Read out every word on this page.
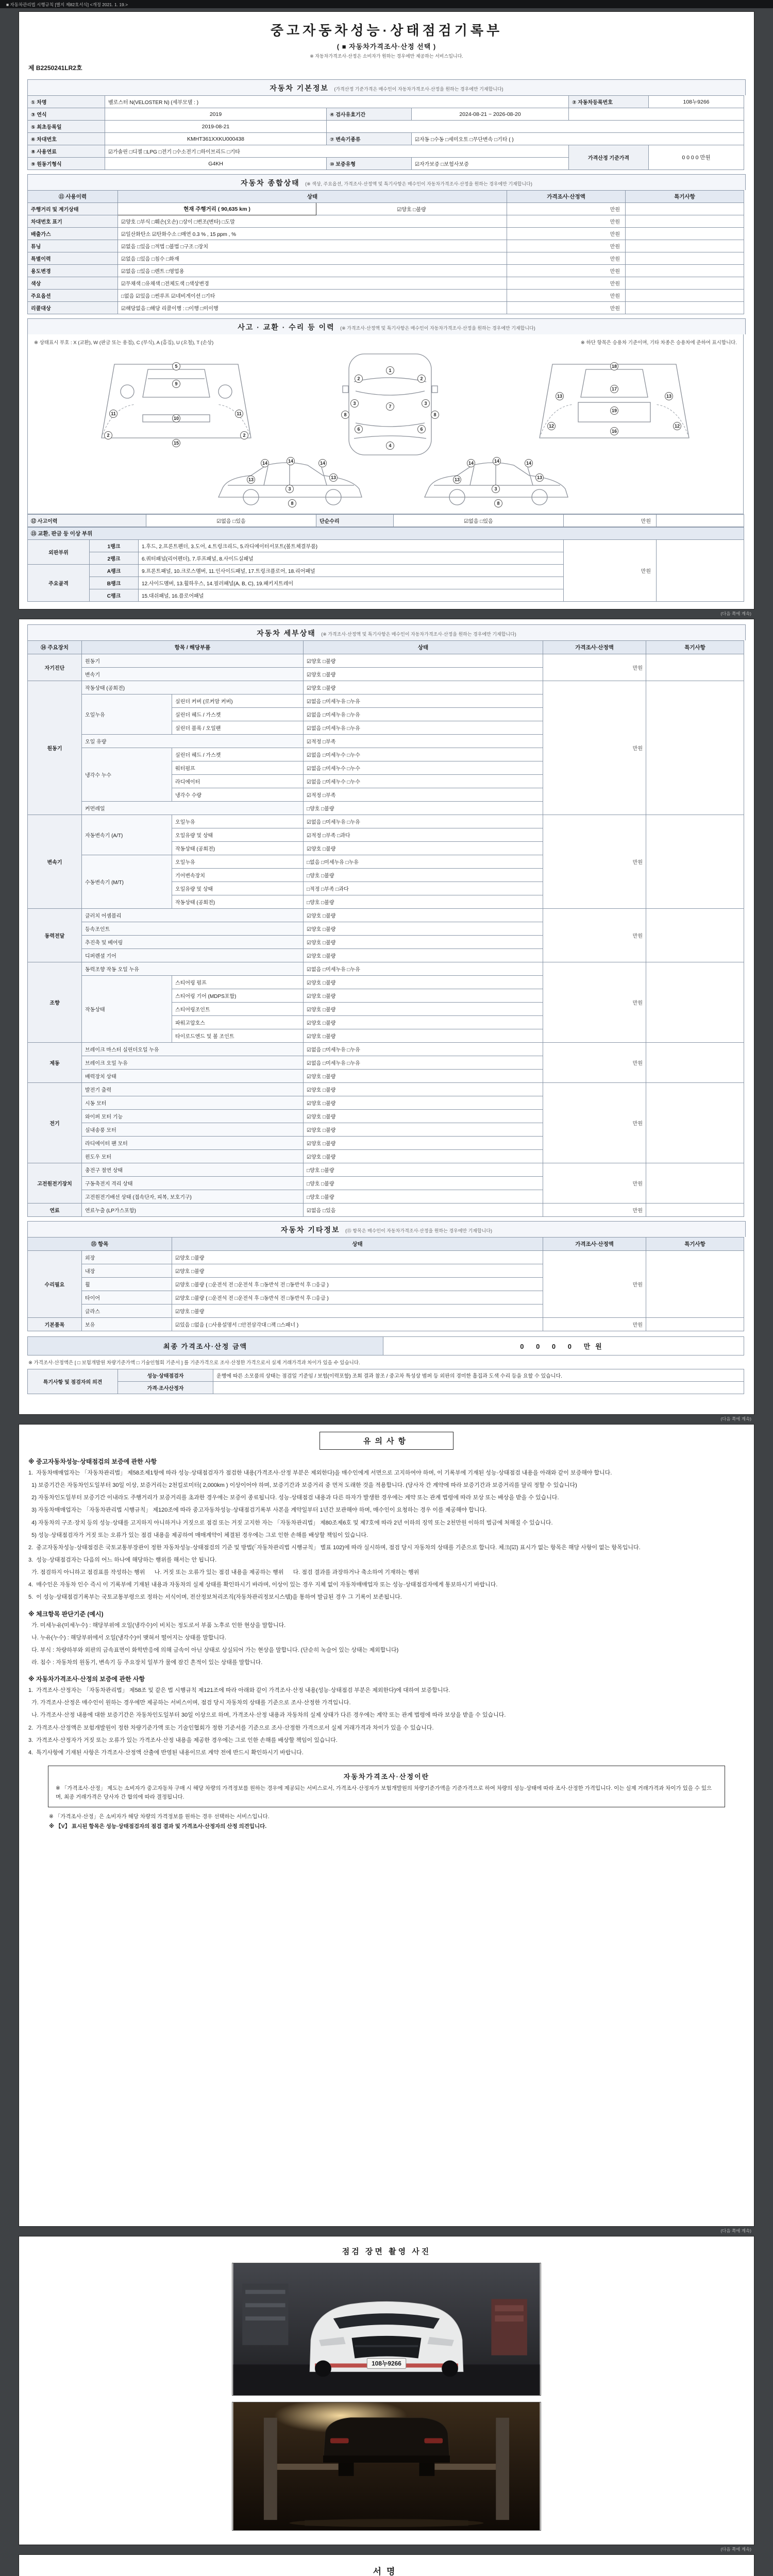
■ 자동차관리법 시행규칙 [별지 제82호서식] <개정 2021. 1. 19.>
중고자동차성능·상태점검기록부
( ■ 자동차가격조사·산정 선택 )
※ 자동차가격조사·산정은 소비자가 원하는 경우에만 제공하는 서비스입니다.
제 B2250241LR2호
자동차 기본정보 (가격산정 기준가격은 매수인이 자동차가격조사·산정을 원하는 경우에만 기재합니다)
① 차명	벨로스터 N(VELOSTER N) (세부모델 : )			② 자동차등록번호	108누9266
③ 연식	2019	④ 검사유효기간	2024-08-21 ~ 2026-08-20		
⑤ 최초등록일	2019-08-21				
⑥ 차대번호	KMHT361XXKU000438	⑦ 변속기종류	☑자동 □수동 □세미오토 □무단변속 □기타 ( )		
⑧ 사용연료	☑가솔린 □디젤 □LPG □전기 □수소전기 □하이브리드 □기타			가격산정 기준가격	0 0 0 0 만원
⑨ 원동기형식	G4KH	⑩ 보증유형	☑자가보증 □보험사보증		
자동차 종합상태 (※ 색상, 주요옵션, 가격조사·산정액 및 특기사항은 매수인이 자동차가격조사·산정을 원하는 경우에만 기재합니다)
⑪ 사용이력	상태		가격조사·산정액	특기사항
주행거리 및 계기상태	현재 주행거리 ( 90,635 km )	☑양호 □불량	만원	
차대번호 표기	☑양호 □부식 □훼손(오손) □상이 □변조(변타) □도말		만원	
배출가스	☑일산화탄소 ☑탄화수소 □매연 0.3 % , 15 ppm , %		만원	
튜닝	☑없음 □있음 □적법 □불법 □구조 □장치		만원	
특별이력	☑없음 □있음 □침수 □화재		만원	
용도변경	☑없음 □있음 □렌트 □영업용		만원	
색상	☑무채색 □유채색 □전체도색 □색상변경		만원	
주요옵션	□없음 ☑있음 □썬루프 ☑네비게이션 □기타		만원	
리콜대상	☑해당없음 □해당 리콜이행 : □이행 □미이행		만원	
사고 · 교환 · 수리 등 이력 (※ 가격조사·산정액 및 특기사항은 매수인이 자동차가격조사·산정을 원하는 경우에만 기재합니다)
※ 상태표시 부호 : X (교환), W (판금 또는 용접), C (부식), A (흠집), U (요철), T (손상)	※ 하단 항목은 승용차 기준이며, 기타 차종은 승용차에 준하여 표시합니다.
5
9
11	11
10
2	2
15
1
2	2
3	3
7
6	6
4
8	8
18
17
19
13	13
12	12
16
14	14	14
3
8
13	13
14	14	14
3
8
13	13
⑫ 사고이력	☑없음 □있음	단순수리	☑없음 □있음	만원	
⑬ 교환, 판금 등 이상 부위				
외판부위	1랭크	1.후드, 2.프론트펜더, 3.도어, 4.트렁크리드, 5.라디에이터서포트(볼트체결부품)	만원	
	2랭크	6.쿼터패널(리어펜더), 7.루프패널, 8.사이드실패널		
주요골격	A랭크	9.프론트패널, 10.크로스멤버, 11.인사이드패널, 17.트렁크플로어, 18.리어패널		
	B랭크	12.사이드멤버, 13.휠하우스, 14.필러패널(A, B, C), 19.패키지트레이		
	C랭크	15.대쉬패널, 16.플로어패널		
(다음 쪽에 계속)
자동차 세부상태 (※ 가격조사·산정액 및 특기사항은 매수인이 자동차가격조사·산정을 원하는 경우에만 기재합니다)
⑭ 주요장치	항목 / 해당부품		상태	가격조사·산정액	특기사항
자기진단	원동기		☑양호 □불량	만원	
	변속기		☑양호 □불량		
원동기	작동상태 (공회전)		☑양호 □불량	만원	
	오일누유	실린더 커버 (로커암 커버)	☑없음 □미세누유 □누유		
		실린더 헤드 / 가스켓	☑없음 □미세누유 □누유		
		실린더 블록 / 오일팬	☑없음 □미세누유 □누유		
	오일 유량		☑적정 □부족		
	냉각수 누수	실린더 헤드 / 가스켓	☑없음 □미세누수 □누수		
		워터펌프	☑없음 □미세누수 □누수		
		라디에이터	☑없음 □미세누수 □누수		
		냉각수 수량	☑적정 □부족		
	커먼레일		□양호 □불량		
변속기	자동변속기 (A/T)	오일누유	☑없음 □미세누유 □누유	만원	
		오일유량 및 상태	☑적정 □부족 □과다		
		작동상태 (공회전)	☑양호 □불량		
	수동변속기 (M/T)	오일누유	□없음 □미세누유 □누유		
		기어변속장치	□양호 □불량		
		오일유량 및 상태	□적정 □부족 □과다		
		작동상태 (공회전)	□양호 □불량		
동력전달	클러치 어셈블리		☑양호 □불량	만원	
	등속조인트		☑양호 □불량		
	추진축 및 베어링		☑양호 □불량		
	디퍼렌셜 기어		☑양호 □불량		
조향	동력조향 작동 오일 누유		☑없음 □미세누유 □누유	만원	
	작동상태	스티어링 펌프	☑양호 □불량		
		스티어링 기어 (MDPS포함)	☑양호 □불량		
		스티어링조인트	☑양호 □불량		
		파워고압호스	☑양호 □불량		
		타이로드엔드 및 볼 조인트	☑양호 □불량		
제동	브레이크 마스터 실린더오일 누유		☑없음 □미세누유 □누유	만원	
	브레이크 오일 누유		☑없음 □미세누유 □누유		
	배력장치 상태		☑양호 □불량		
전기	발전기 출력		☑양호 □불량	만원	
	시동 모터		☑양호 □불량		
	와이퍼 모터 기능		☑양호 □불량		
	실내송풍 모터		☑양호 □불량		
	라디에이터 팬 모터		☑양호 □불량		
	윈도우 모터		☑양호 □불량		
고전원전기장치	충전구 절연 상태		□양호 □불량	만원	
	구동축전지 격리 상태		□양호 □불량		
	고전원전기배선 상태 (접속단자, 피복, 보호기구)		□양호 □불량		
연료	연료누출 (LP가스포함)		☑없음 □있음	만원	
자동차 기타정보 (⑮ 항목은 매수인이 자동차가격조사·산정을 원하는 경우에만 기재합니다)
⑮ 항목		상태	가격조사·산정액	특기사항
수리필요	외장	☑양호 □불량	만원	
	내장	☑양호 □불량		
	휠	☑양호 □불량 ( □운전석 전 □운전석 후 □동반석 전 □동반석 후 □응급 )		
	타이어	☑양호 □불량 ( □운전석 전 □운전석 후 □동반석 전 □동반석 후 □응급 )		
	글라스	☑양호 □불량		
기본품목	보유	☑있음 □없음 ( □사용설명서 □안전삼각대 □잭 □스패너 )	만원	
최종 가격조사·산정 금액	0 0 0 0 만원
※ 가격조사·산정액은 [ □ 보험개발원 차량기준가액 □ 기술인협회 기준서 ] 를 기준가격으로 조사·산정한 가격으로서 실제 거래가격과 차이가 있을 수 있습니다.
특기사항 및 점검자의 의견	성능·상태점검자	운행에 따른 소모품의 상태는 점검일 기준임 / 보험(이력포함) 조회 결과 참조 / 중고차 특성상 범퍼 등 외판의 경미한 흠집과 도색 수리 등을 요할 수 있습니다.
	가격·조사산정자	
(다음 쪽에 계속)
유의사항
※ 중고자동차성능·상태점검의 보증에 관한 사항
1.  자동차매매업자는 「자동차관리법」 제58조제1항에 따라 성능·상태점검자가 점검한 내용(가격조사·산정 부분은 제외한다)을 매수인에게 서면으로 고지하여야 하며, 이 기록부에 기재된 성능·상태점검 내용을 아래와 같이 보증해야 합니다.
1) 보증기간은 자동차인도일부터 30일 이상, 보증거리는 2천킬로미터( 2,000km ) 이상이어야 하며, 보증기간과 보증거리 중 먼저 도래한 것을 적용합니다. (당사자 간 계약에 따라 보증기간과 보증거리를 달리 정할 수 있습니다)
2) 자동차인도일부터 보증기간 이내라도 주행거리가 보증거리를 초과한 경우에는 보증이 종료됩니다. 성능·상태점검 내용과 다른 하자가 발생한 경우에는 계약 또는 관계 법령에 따라 보상 또는 배상을 받을 수 있습니다.
3) 자동차매매업자는 「자동차관리법 시행규칙」 제120조에 따라 중고자동차성능·상태점검기록부 사본을 계약일부터 1년간 보관해야 하며, 매수인이 요청하는 경우 이를 제공해야 합니다.
4) 자동차의 구조·장치 등의 성능·상태를 고지하지 아니하거나 거짓으로 점검 또는 거짓 고지한 자는 「자동차관리법」 제80조제6호 및 제7호에 따라 2년 이하의 징역 또는 2천만원 이하의 벌금에 처해질 수 있습니다.
5) 성능·상태점검자가 거짓 또는 오류가 있는 점검 내용을 제공하여 매매계약이 체결된 경우에는 그로 인한 손해를 배상할 책임이 있습니다.
2.  중고자동차성능·상태점검은 국토교통부장관이 정한 자동차성능·상태점검의 기준 및 방법(「자동차관리법 시행규칙」 별표 102)에 따라 실시하며, 점검 당시 자동차의 상태를 기준으로 합니다. 체크(☑) 표시가 없는 항목은 해당 사항이 없는 항목입니다.
3.  성능·상태점검자는 다음의 어느 하나에 해당하는 행위를 해서는 안 됩니다.
가. 점검하지 아니하고 점검표를 작성하는 행위      나. 거짓 또는 오류가 있는 점검 내용을 제공하는 행위      다. 점검 결과를 과장하거나 축소하여 기재하는 행위
4.  매수인은 자동차 인수 즉시 이 기록부에 기재된 내용과 자동차의 실제 상태를 확인하시기 바라며, 이상이 있는 경우 지체 없이 자동차매매업자 또는 성능·상태점검자에게 통보하시기 바랍니다.
5.  이 성능·상태점검기록부는 국토교통부령으로 정하는 서식이며, 전산정보처리조직(자동차관리정보시스템)을 통하여 발급된 경우 그 기록이 보존됩니다.
※ 체크항목 판단기준 (예시)
가. 미세누유(미세누수) : 해당부위에 오일(냉각수)이 비치는 정도로서 부품 노후로 인한 현상을 말합니다.
나. 누유(누수) : 해당부위에서 오일(냉각수)이 맺혀서 떨어지는 상태를 말합니다.
다. 부식 : 차량하부와 외판의 금속표면이 화학반응에 의해 금속이 아닌 상태로 상실되어 가는 현상을 말합니다. (단순히 녹슬어 있는 상태는 제외합니다)
라. 침수 : 자동차의 원동기, 변속기 등 주요장치 일부가 물에 잠긴 흔적이 있는 상태를 말합니다.
※ 자동차가격조사·산정의 보증에 관한 사항
1.  가격조사·산정자는 「자동차관리법」 제58조 및 같은 법 시행규칙 제121조에 따라 아래와 같이 가격조사·산정 내용(성능·상태점검 부분은 제외한다)에 대하여 보증합니다.
가. 가격조사·산정은 매수인이 원하는 경우에만 제공하는 서비스이며, 점검 당시 자동차의 상태를 기준으로 조사·산정한 가격입니다.
나. 가격조사·산정 내용에 대한 보증기간은 자동차인도일부터 30일 이상으로 하며, 가격조사·산정 내용과 자동차의 실제 상태가 다른 경우에는 계약 또는 관계 법령에 따라 보상을 받을 수 있습니다.
2.  가격조사·산정액은 보험개발원이 정한 차량기준가액 또는 기술인협회가 정한 기준서를 기준으로 조사·산정한 가격으로서 실제 거래가격과 차이가 있을 수 있습니다.
3.  가격조사·산정자가 거짓 또는 오류가 있는 가격조사·산정 내용을 제공한 경우에는 그로 인한 손해를 배상할 책임이 있습니다.
4.  특기사항에 기재된 사항은 가격조사·산정액 산출에 반영된 내용이므로 계약 전에 반드시 확인하시기 바랍니다.
자동차가격조사·산정이란
※ 「가격조사·산정」 제도는 소비자가 중고자동차 구매 시 해당 차량의 가격정보를 원하는 경우에 제공되는 서비스로서, 가격조사·산정자가 보험개발원의 차량기준가액을 기준가격으로 하여 차량의 성능·상태에 따라 조사·산정한 가격입니다. 이는 실제 거래가격과 차이가 있을 수 있으며, 최종 거래가격은 당사자 간 합의에 따라 결정됩니다.
※ 「가격조사·산정」은 소비자가 해당 차량의 가격정보를 원하는 경우 선택하는 서비스입니다.
※ 【V】 표시된 항목은 성능·상태점검자의 점검 결과 및 가격조사·산정자의 산정 의견입니다.
(다음 쪽에 계속)
점검 장면 촬영 사진
108누9266
(다음 쪽에 계속)
서명
